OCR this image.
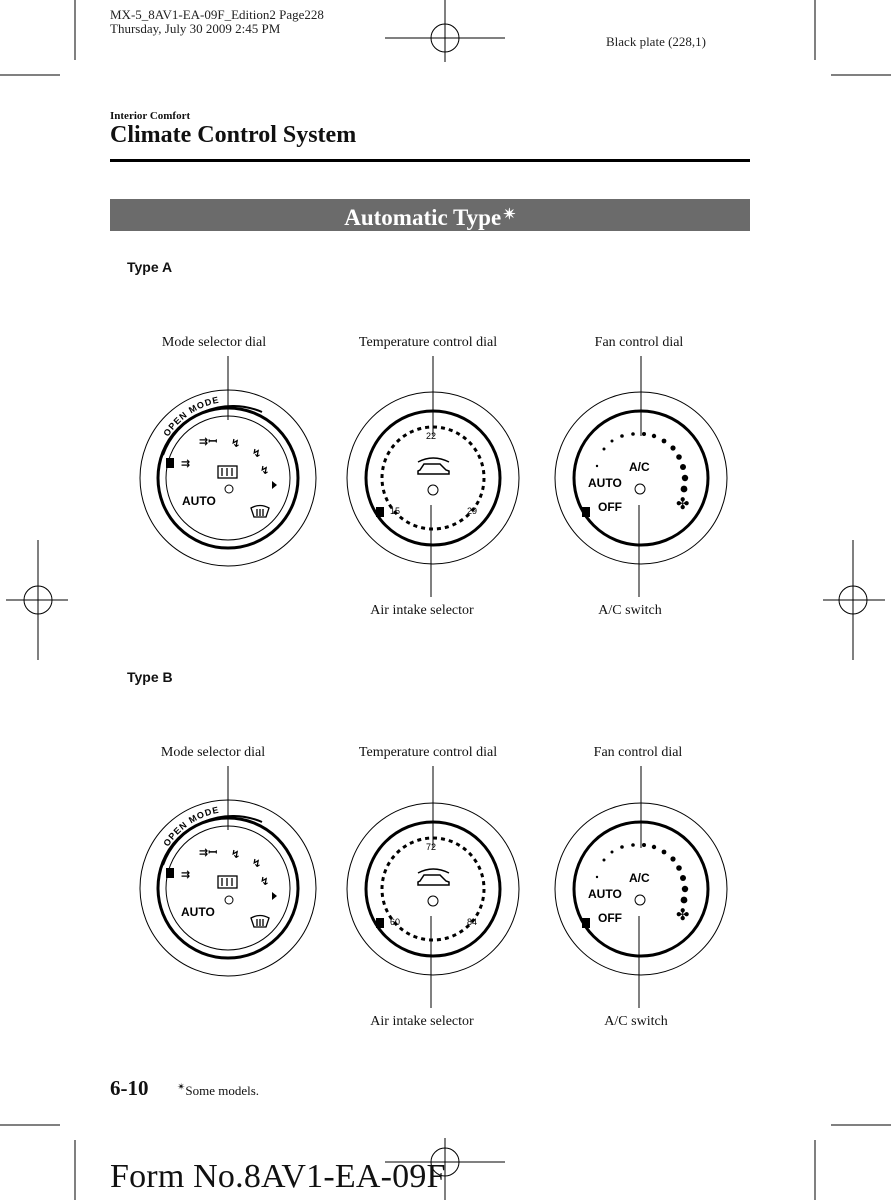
MX-5_8AV1-EA-09F_Edition2 Page228
Thursday, July 30 2009 2:45 PM
Black plate (228,1)
Interior Comfort
Climate Control System
Automatic Type ✴
Type A
Mode selector dial	Temperature control dial	Fan control dial
Air intake selector	A/C switch
OPEN MODE
AUTO
⇉ꟷ ↯
↯
⇉
↯
22
15	29
A/C
AUTO
OFF	✤
Type B
Mode selector dial	Temperature control dial	Fan control dial
Air intake selector	A/C switch
OPEN MODE
AUTO
⇉ꟷ ↯
↯
⇉
↯
72
60	84
A/C
AUTO
OFF	✤
6-10	✴Some models.
Form No.8AV1-EA-09F
